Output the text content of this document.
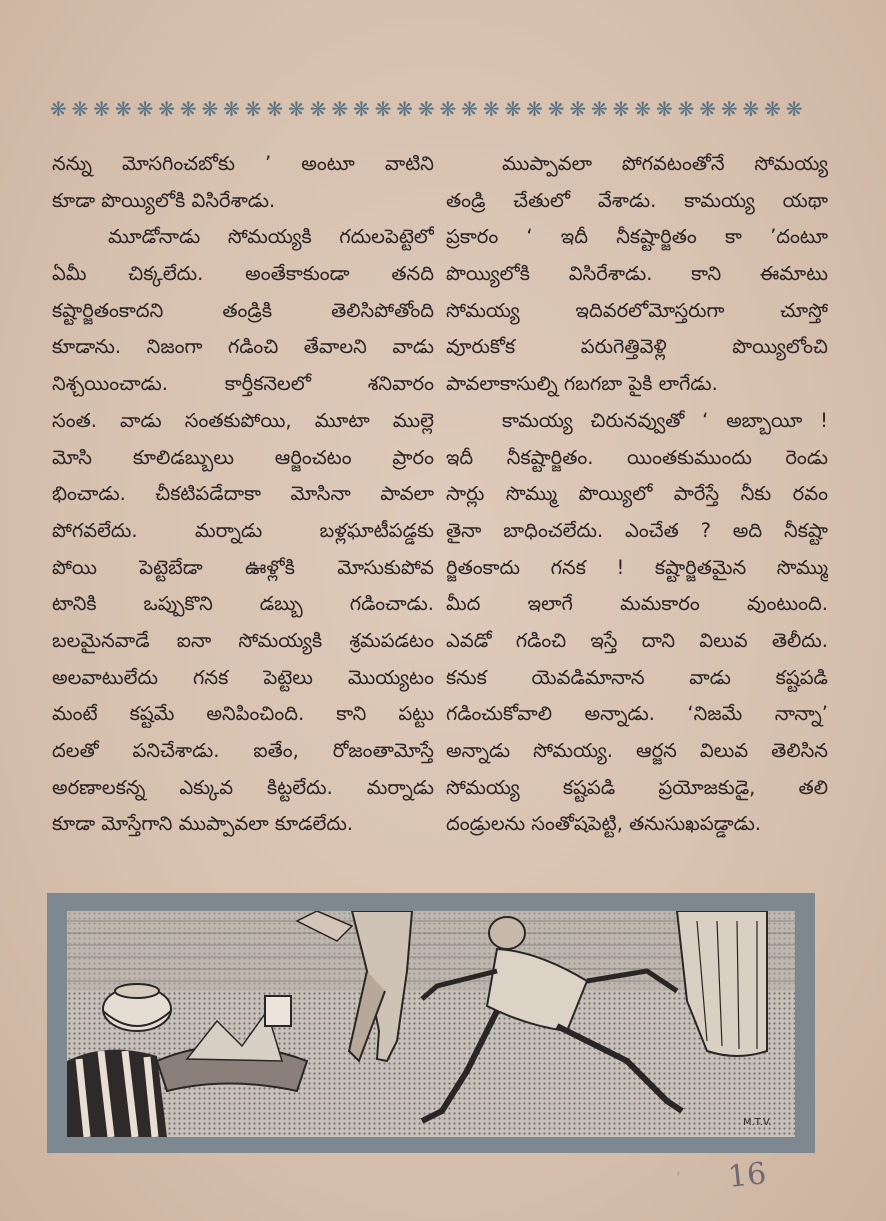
❋ ❋ ❋ ❋ ❋ ❋ ❋ ❋ ❋ ❋ ❋ ❋ ❋ ❋ ❋ ❋ ❋ ❋ ❋ ❋ ❋ ❋ ❋ ❋ ❋ ❋ ❋ ❋ ❋ ❋ ❋ ❋ ❋ ❋ ❋
నన్ను మోసగించబోకు ’ అంటూ వాటిని
కూడా పొయ్యిలోకి విసిరేశాడు.
మూడోనాడు సోమయ్యకి గదులపెట్టెలో
ఏమీ చిక్కలేదు. అంతేకాకుండా తనది
కష్టార్జితంకాదని తండ్రికి తెలిసిపోతోంది
కూడాను. నిజంగా గడించి తేవాలని వాడు
నిశ్చయించాడు. కార్తీకనెలలో శనివారం
సంత. వాడు సంతకుపోయి, మూటా ముల్లె
మోసి కూలిడబ్బులు ఆర్జించటం ప్రారం
భించాడు. చీకటిపడేదాకా మోసినా పావలా
పోగవలేదు. మర్నాడు బళ్లఘాటీపడ్డకు
పోయి పెట్టెబేడా ఊళ్లోకి మోసుకుపోవ
టానికి ఒప్పుకొని డబ్బు గడించాడు.
బలమైనవాడే ఐనా సోమయ్యకి శ్రమపడటం
అలవాటులేదు గనక పెట్టెలు మొయ్యటం
మంటే కష్టమే అనిపించింది. కాని పట్టు
దలతో పనిచేశాడు. ఐతేం, రోజంతామోస్తే
అరణాలకన్న ఎక్కువ కిట్టలేదు. మర్నాడు
కూడా మోస్తేగాని ముప్పావలా కూడలేదు.
ముప్పావలా పోగవటంతోనే సోమయ్య
తండ్రి చేతులో వేశాడు. కామయ్య యథా
ప్రకారం ‘ ఇదీ నీకష్టార్జితం కా ’దంటూ
పొయ్యిలోకి విసిరేశాడు. కాని ఈమాటు
సోమయ్య ఇదివరలోమోస్తరుగా చూస్తో
వూరుకోక పరుగెత్తివెళ్లి పొయ్యిలోంచి
పావలాకాసుల్ని గబగబా పైకి లాగేడు.
కామయ్య చిరునవ్వుతో ‘ అబ్బాయీ !
ఇదీ నీకష్టార్జితం. యింతకుముందు రెండు
సార్లు సొమ్ము పొయ్యిలో పారేస్తే నీకు రవం
తైనా బాధించలేదు. ఎంచేత ? అది నీకష్టా
ర్జితంకాదు గనక ! కష్టార్జితమైన సొమ్ము
మీద ఇలాగే మమకారం వుంటుంది.
ఎవడో గడించి ఇస్తే దాని విలువ తెలీదు.
కనుక యెవడిమానాన వాడు కష్టపడి
గడించుకోవాలి అన్నాడు. ‘నిజమే నాన్నా’
అన్నాడు సోమయ్య. ఆర్జన విలువ తెలిసిన
సోమయ్య కష్టపడి ప్రయోజకుడై, తలి
దండ్రులను సంతోషపెట్టి, తనుసుఖపడ్డాడు.
M.T.V.
‘ 16
